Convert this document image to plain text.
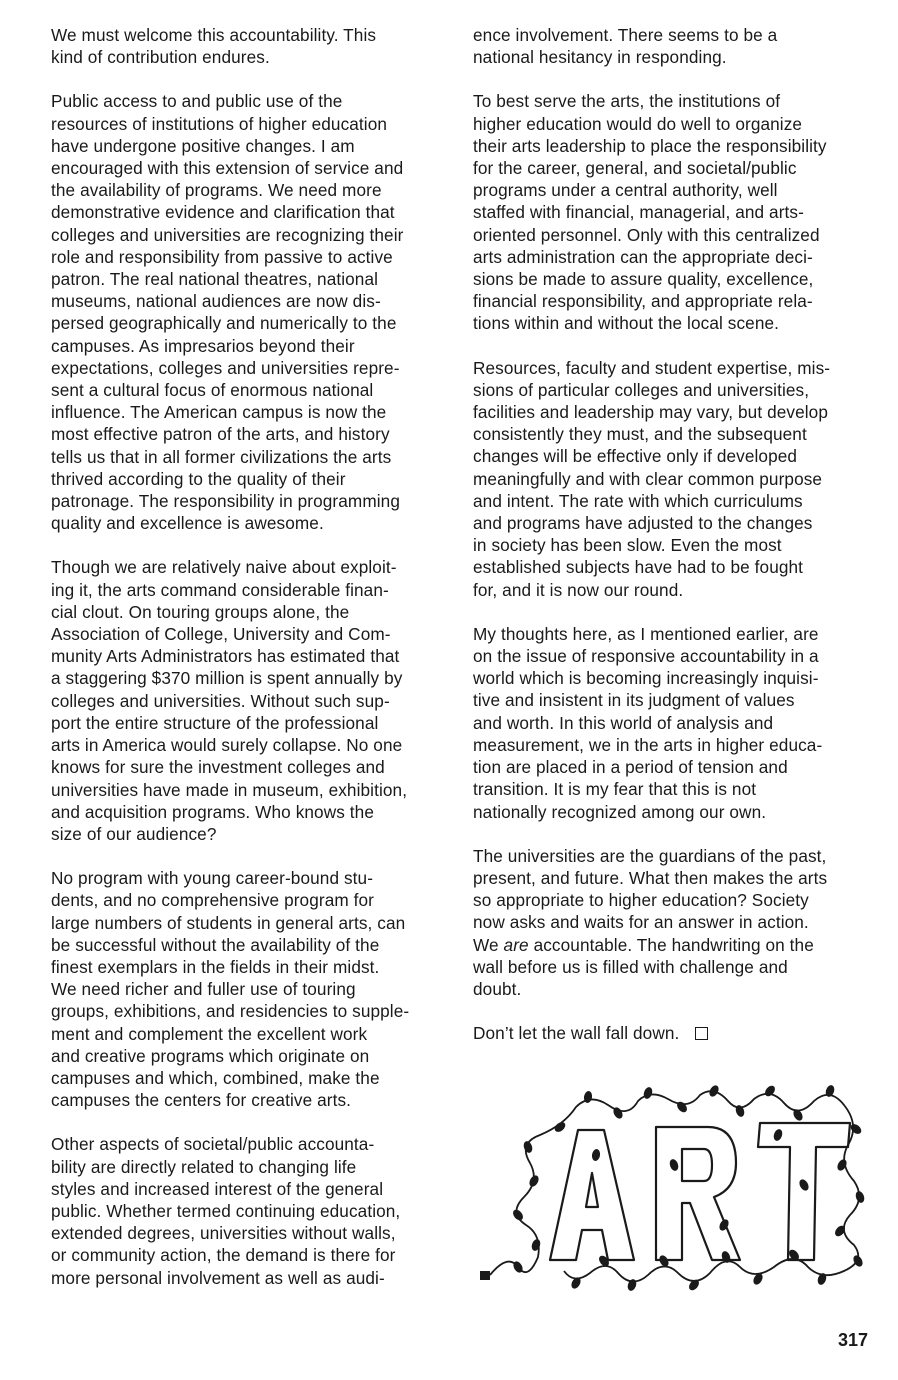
We must welcome this accountability. This
kind of contribution endures.
Public access to and public use of the
resources of institutions of higher education
have undergone positive changes. I am
encouraged with this extension of service and
the availability of programs. We need more
demonstrative evidence and clarification that
colleges and universities are recognizing their
role and responsibility from passive to active
patron. The real national theatres, national
museums, national audiences are now dis-
persed geographically and numerically to the
campuses. As impresarios beyond their
expectations, colleges and universities repre-
sent a cultural focus of enormous national
influence. The American campus is now the
most effective patron of the arts, and history
tells us that in all former civilizations the arts
thrived according to the quality of their
patronage. The responsibility in programming
quality and excellence is awesome.
Though we are relatively naive about exploit-
ing it, the arts command considerable finan-
cial clout. On touring groups alone, the
Association of College, University and Com-
munity Arts Administrators has estimated that
a staggering $370 million is spent annually by
colleges and universities. Without such sup-
port the entire structure of the professional
arts in America would surely collapse. No one
knows for sure the investment colleges and
universities have made in museum, exhibition,
and acquisition programs. Who knows the
size of our audience?
No program with young career-bound stu-
dents, and no comprehensive program for
large numbers of students in general arts, can
be successful without the availability of the
finest exemplars in the fields in their midst.
We need richer and fuller use of touring
groups, exhibitions, and residencies to supple-
ment and complement the excellent work
and creative programs which originate on
campuses and which, combined, make the
campuses the centers for creative arts.
Other aspects of societal/public accounta-
bility are directly related to changing life
styles and increased interest of the general
public. Whether termed continuing education,
extended degrees, universities without walls,
or community action, the demand is there for
more personal involvement as well as audi-
ence involvement. There seems to be a
national hesitancy in responding.
To best serve the arts, the institutions of
higher education would do well to organize
their arts leadership to place the responsibility
for the career, general, and societal/public
programs under a central authority, well
staffed with financial, managerial, and arts-
oriented personnel. Only with this centralized
arts administration can the appropriate deci-
sions be made to assure quality, excellence,
financial responsibility, and appropriate rela-
tions within and without the local scene.
Resources, faculty and student expertise, mis-
sions of particular colleges and universities,
facilities and leadership may vary, but develop
consistently they must, and the subsequent
changes will be effective only if developed
meaningfully and with clear common purpose
and intent. The rate with which curriculums
and programs have adjusted to the changes
in society has been slow. Even the most
established subjects have had to be fought
for, and it is now our round.
My thoughts here, as I mentioned earlier, are
on the issue of responsive accountability in a
world which is becoming increasingly inquisi-
tive and insistent in its judgment of values
and worth. In this world of analysis and
measurement, we in the arts in higher educa-
tion are placed in a period of tension and
transition. It is my fear that this is not
nationally recognized among our own.
The universities are the guardians of the past,
present, and future. What then makes the arts
so appropriate to higher education? Society
now asks and waits for an answer in action.
We are accountable. The handwriting on the
wall before us is filled with challenge and
doubt.
Don’t let the wall fall down.
317
